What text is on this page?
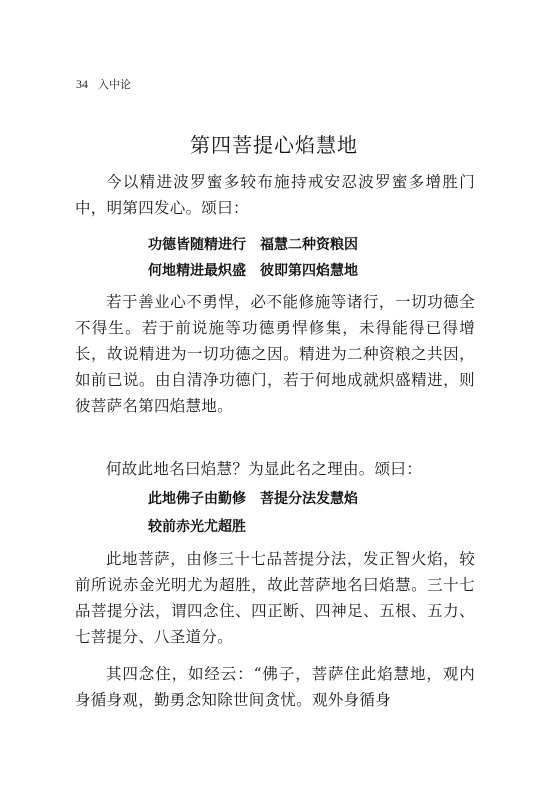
34 入中论
第四菩提心焰慧地

今以精进波罗蜜多较布施持戒安忍波罗蜜多增胜门中，明第四发心。颂曰：

功德皆随精进行 福慧二种资粮因
何地精进最炽盛 彼即第四焰慧地

若于善业心不勇悍，必不能修施等诸行，一切功德全不得生。若于前说施等功德勇悍修集，未得能得已得增长，故说精进为一切功德之因。精进为二种资粮之共因，如前已说。由自清净功德门，若于何地成就炽盛精进，则彼菩萨名第四焰慧地。

何故此地名曰焰慧？为显此名之理由。颂曰：

此地佛子由勤修 菩提分法发慧焰
较前赤光尤超胜

此地菩萨，由修三十七品菩提分法，发正智火焰，较前所说赤金光明尤为超胜，故此菩萨地名曰焰慧。三十七品菩提分法，谓四念住、四正断、四神足、五根、五力、七菩提分、八圣道分。

其四念住，如经云：“佛子，菩萨住此焰慧地，观内身循身观，勤勇念知除世间贪忧。观外身循身
